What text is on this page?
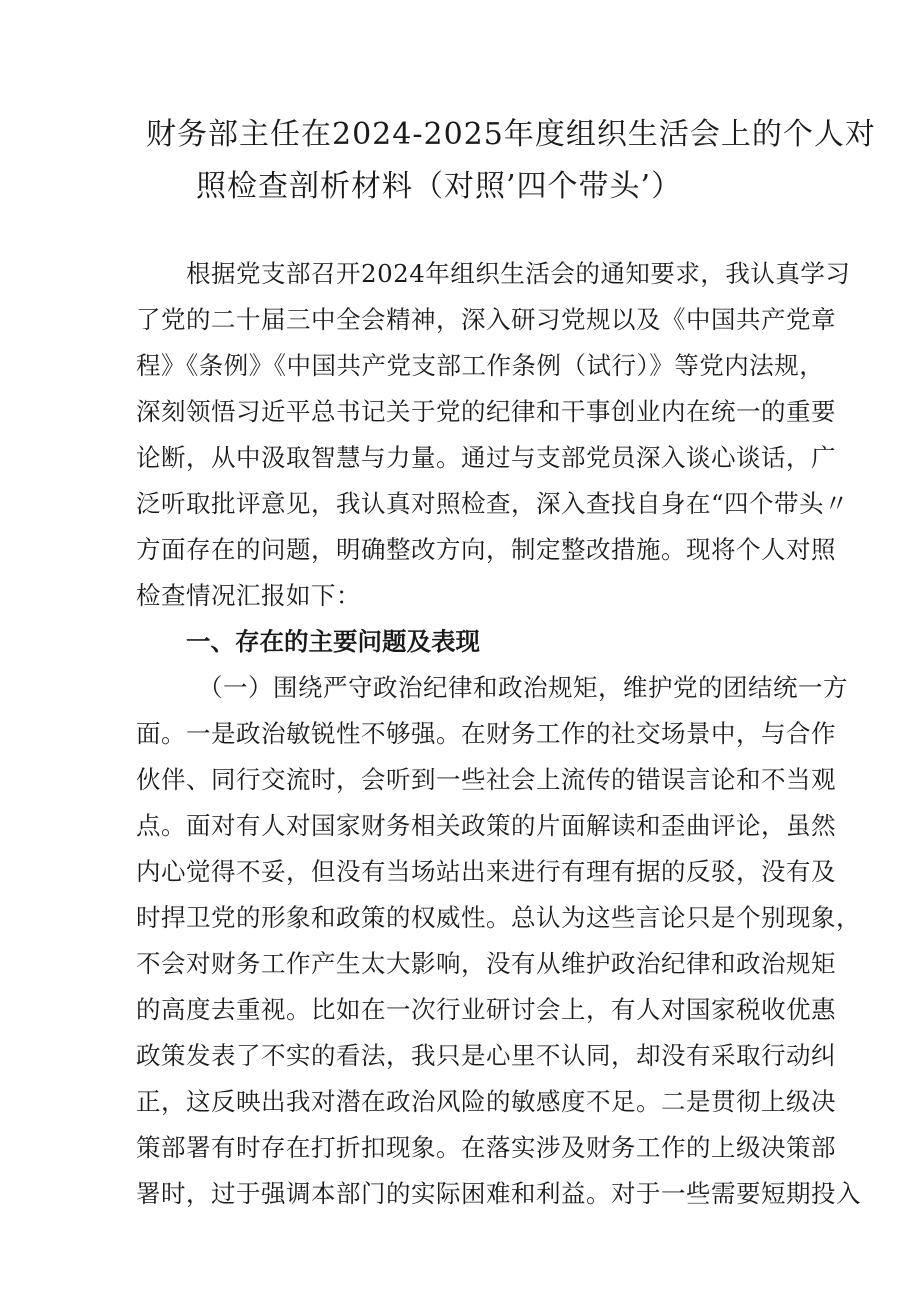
财务部主任在2024-2025年度组织生活会上的个人对
照检查剖析材料（对照’四个带头’）
根据党支部召开2024年组织生活会的通知要求，我认真学习
了党的二十届三中全会精神，深入研习党规以及《中国共产党章
程》《条例》《中国共产党支部工作条例（试行）》等党内法规，
深刻领悟习近平总书记关于党的纪律和干事创业内在统一的重要
论断，从中汲取智慧与力量。通过与支部党员深入谈心谈话，广
泛听取批评意见，我认真对照检查，深入查找自身在“四个带头〃
方面存在的问题，明确整改方向，制定整改措施。现将个人对照
检查情况汇报如下：
一、存在的主要问题及表现
（一）围绕严守政治纪律和政治规矩，维护党的团结统一方
面。一是政治敏锐性不够强。在财务工作的社交场景中，与合作
伙伴、同行交流时，会听到一些社会上流传的错误言论和不当观
点。面对有人对国家财务相关政策的片面解读和歪曲评论，虽然
内心觉得不妥，但没有当场站出来进行有理有据的反驳，没有及
时捍卫党的形象和政策的权威性。总认为这些言论只是个别现象，
不会对财务工作产生太大影响，没有从维护政治纪律和政治规矩
的高度去重视。比如在一次行业研讨会上，有人对国家税收优惠
政策发表了不实的看法，我只是心里不认同，却没有采取行动纠
正，这反映出我对潜在政治风险的敏感度不足。二是贯彻上级决
策部署有时存在打折扣现象。在落实涉及财务工作的上级决策部
署时，过于强调本部门的实际困难和利益。对于一些需要短期投入
